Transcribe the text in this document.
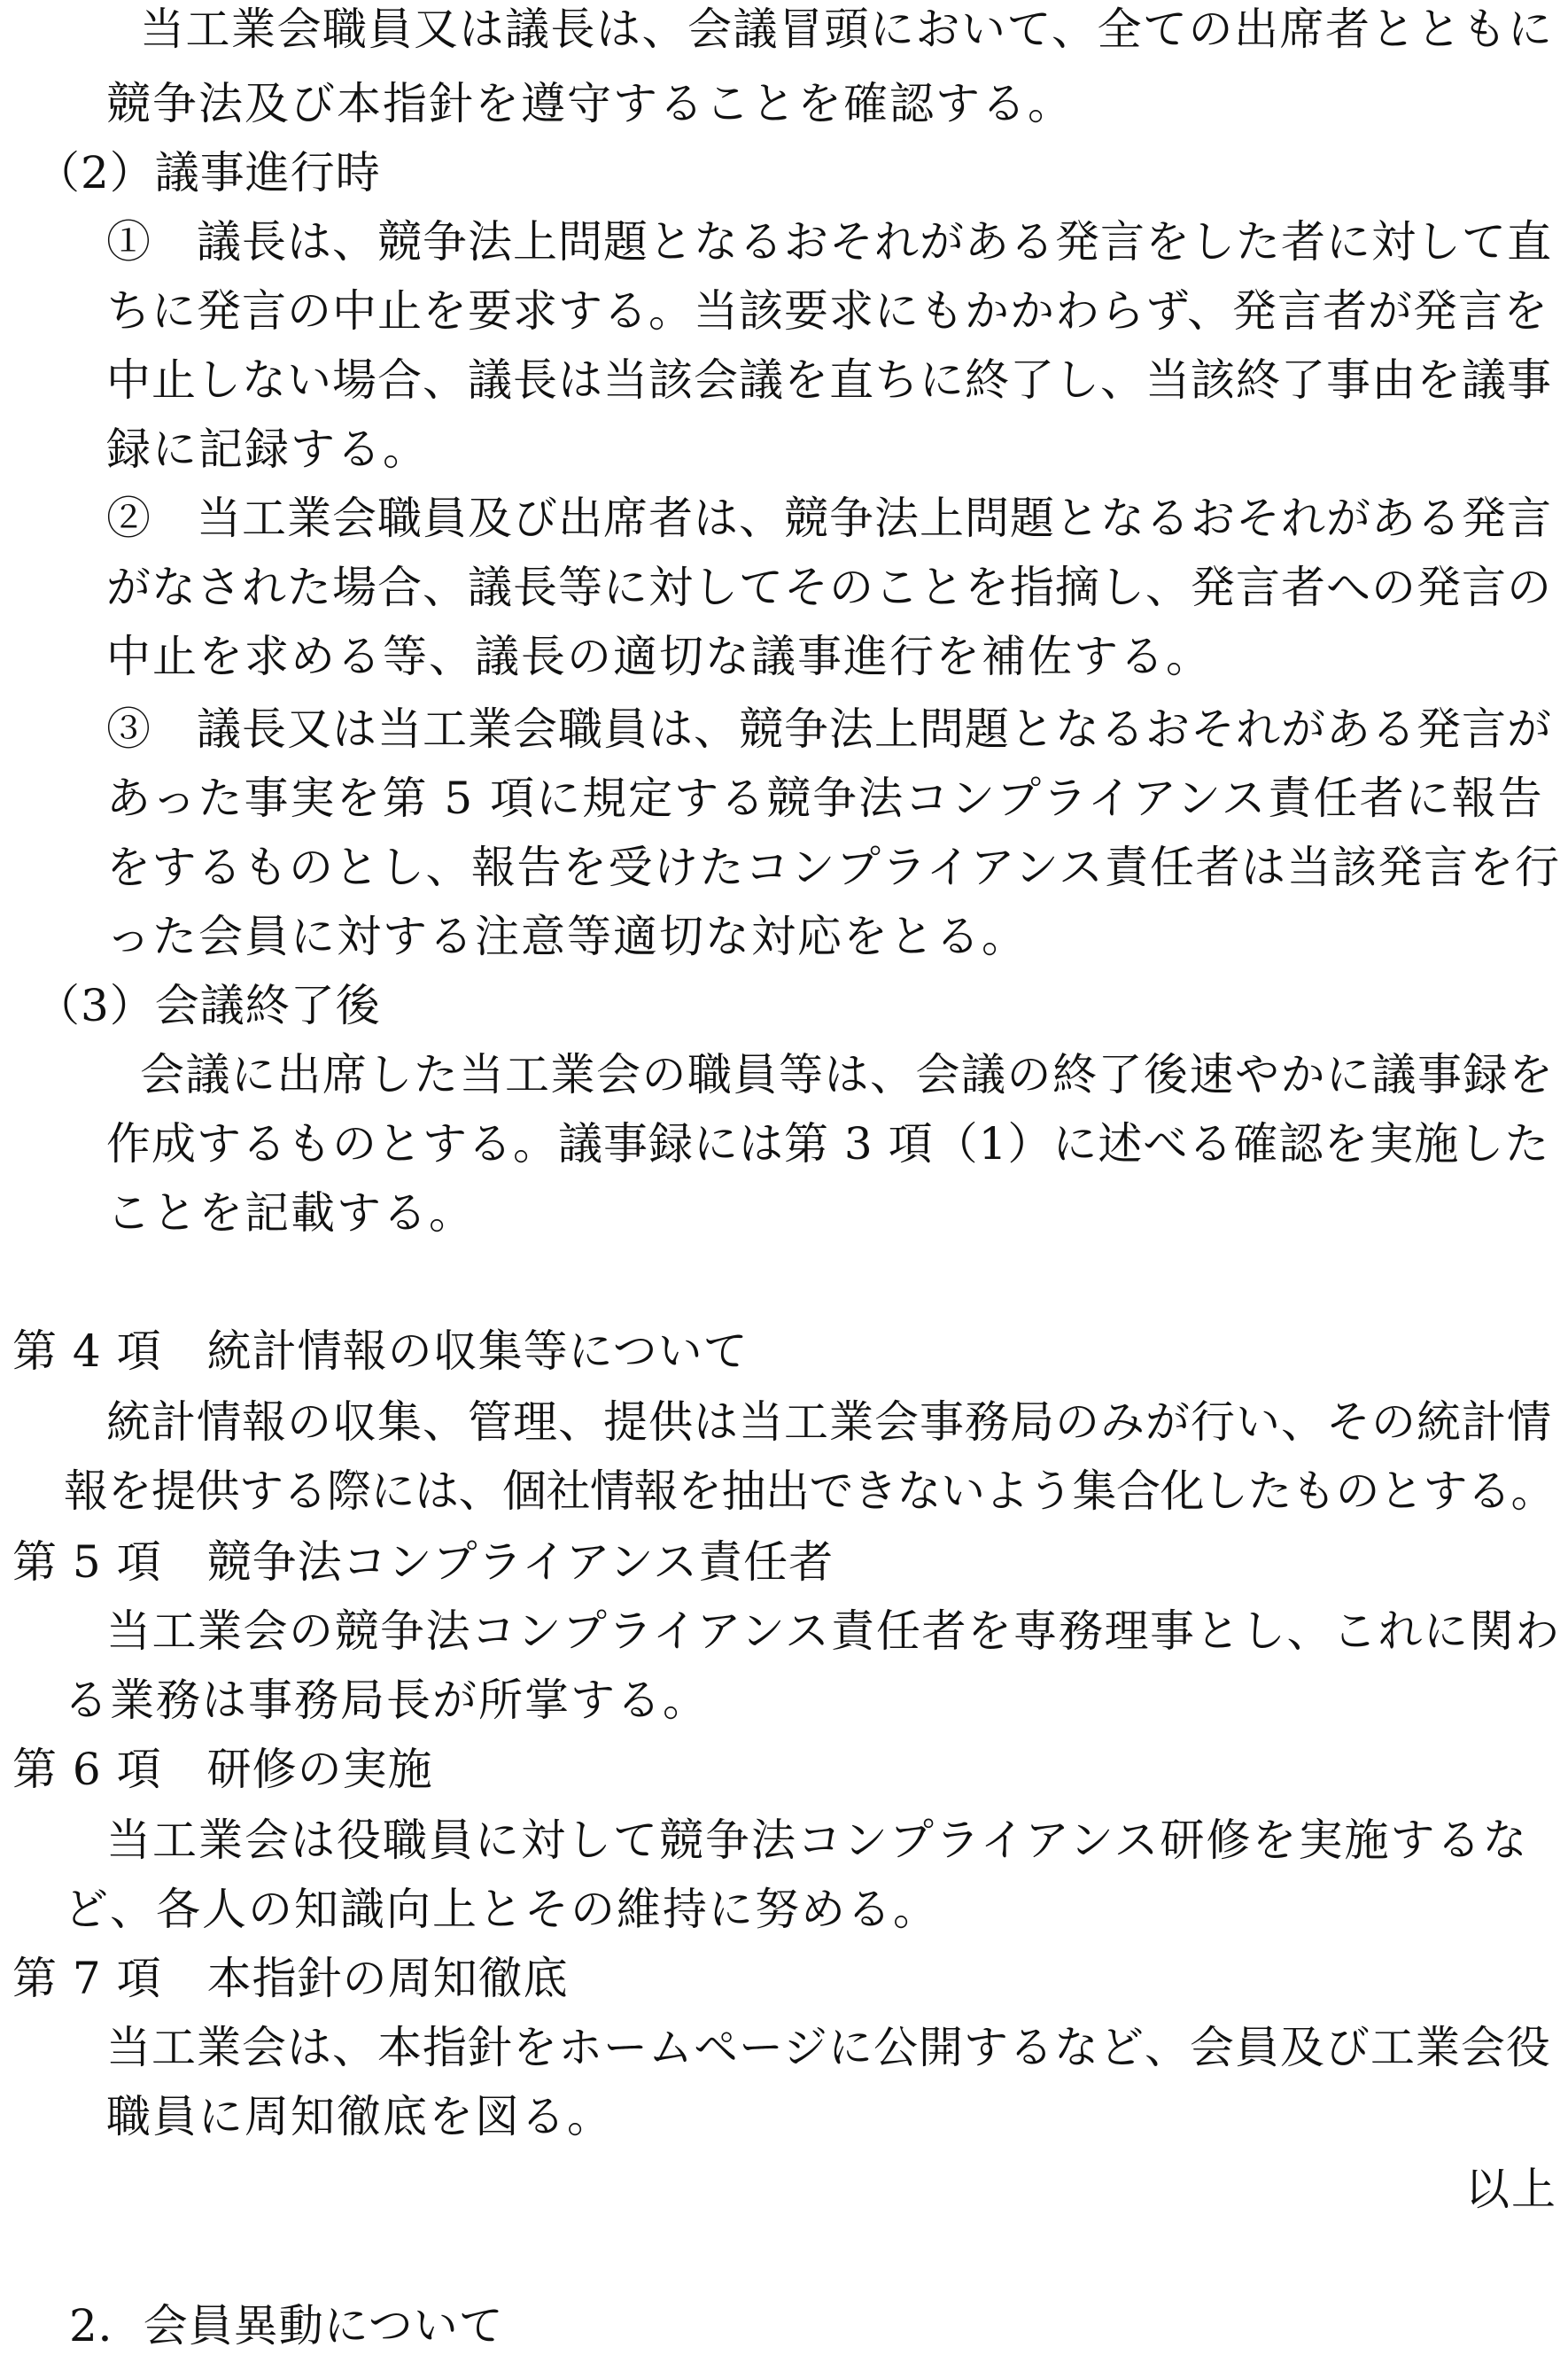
当工業会職員又は議長は、会議冒頭において、全ての出席者とともに
競争法及び本指針を遵守することを確認する。
（2）議事進行時
①　議長は、競争法上問題となるおそれがある発言をした者に対して直
ちに発言の中止を要求する。当該要求にもかかわらず、発言者が発言を
中止しない場合、議長は当該会議を直ちに終了し、当該終了事由を議事
録に記録する。
②　当工業会職員及び出席者は、競争法上問題となるおそれがある発言
がなされた場合、議長等に対してそのことを指摘し、発言者への発言の
中止を求める等、議長の適切な議事進行を補佐する。
③　議長又は当工業会職員は、競争法上問題となるおそれがある発言が
あった事実を第 5 項に規定する競争法コンプライアンス責任者に報告
をするものとし、報告を受けたコンプライアンス責任者は当該発言を行
った会員に対する注意等適切な対応をとる。
（3）会議終了後
会議に出席した当工業会の職員等は、会議の終了後速やかに議事録を
作成するものとする。議事録には第 3 項（1）に述べる確認を実施した
ことを記載する。
第 4 項　統計情報の収集等について
統計情報の収集、管理、提供は当工業会事務局のみが行い、その統計情
報を提供する際には、個社情報を抽出できないよう集合化したものとする。
第 5 項　競争法コンプライアンス責任者
当工業会の競争法コンプライアンス責任者を専務理事とし、これに関わ
る業務は事務局長が所掌する。
第 6 項　研修の実施
当工業会は役職員に対して競争法コンプライアンス研修を実施するな
ど、各人の知識向上とその維持に努める。
第 7 項　本指針の周知徹底
当工業会は、本指針をホームページに公開するなど、会員及び工業会役
職員に周知徹底を図る。
以上
2．会員異動について
